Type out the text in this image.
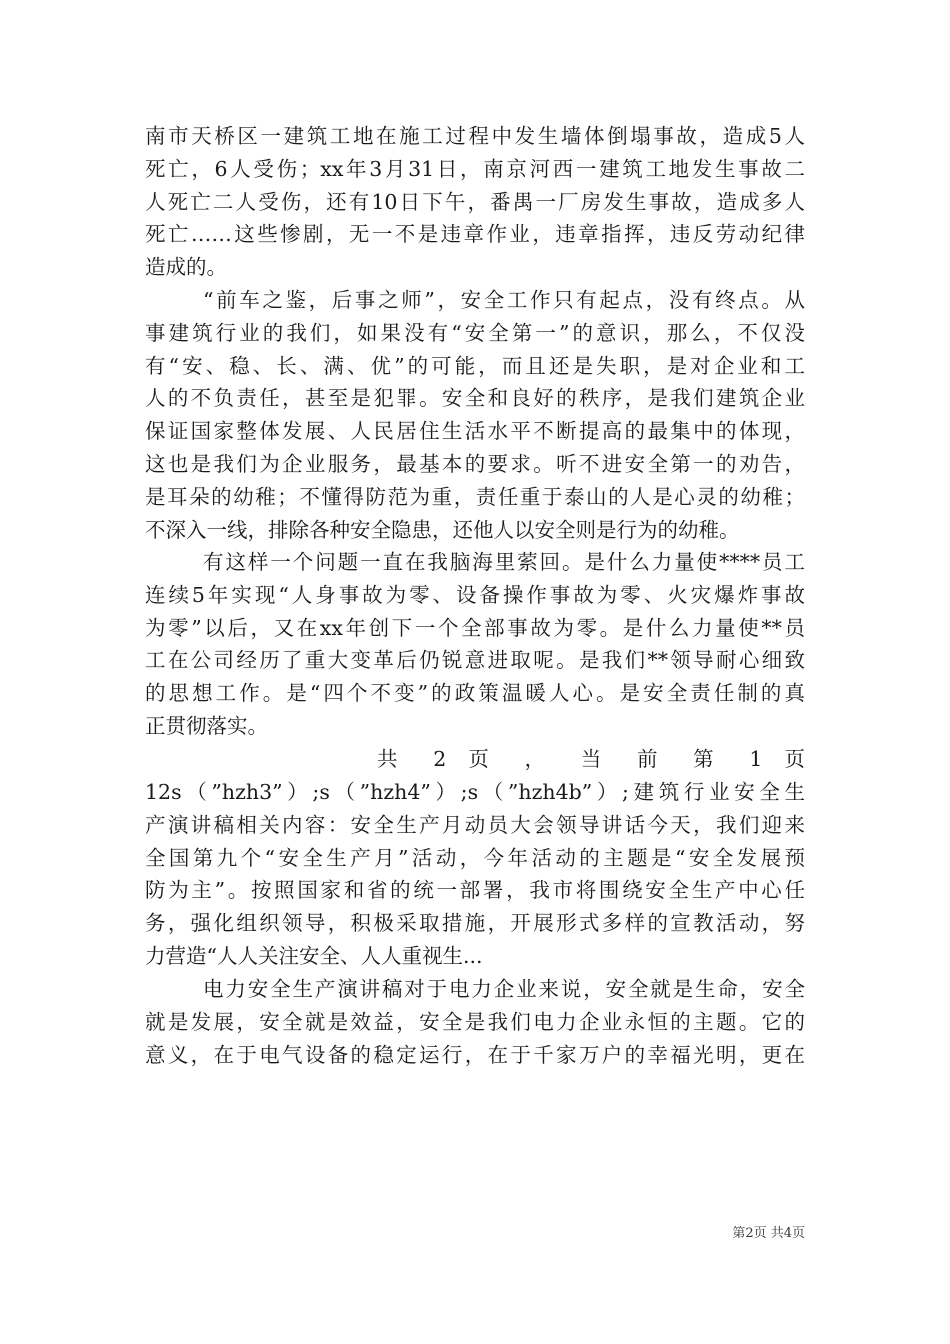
南市天桥区一建筑工地在施工过程中发生墙体倒塌事故，造成5人
死亡，6人受伤；xx年3月31日，南京河西一建筑工地发生事故二
人死亡二人受伤，还有10日下午，番禺一厂房发生事故，造成多人
死亡……这些惨剧，无一不是违章作业，违章指挥，违反劳动纪律
造成的。
“前车之鉴，后事之师”，安全工作只有起点，没有终点。从
事建筑行业的我们，如果没有“安全第一”的意识，那么，不仅没
有“安、稳、长、满、优”的可能，而且还是失职，是对企业和工
人的不负责任，甚至是犯罪。安全和良好的秩序，是我们建筑企业
保证国家整体发展、人民居住生活水平不断提高的最集中的体现，
这也是我们为企业服务，最基本的要求。听不进安全第一的劝告，
是耳朵的幼稚；不懂得防范为重，责任重于泰山的人是心灵的幼稚；
不深入一线，排除各种安全隐患，还他人以安全则是行为的幼稚。
有这样一个问题一直在我脑海里萦回。是什么力量使****员工
连续5年实现“人身事故为零、设备操作事故为零、火灾爆炸事故
为零”以后，又在xx年创下一个全部事故为零。是什么力量使**员
工在公司经历了重大变革后仍锐意进取呢。是我们**领导耐心细致
的思想工作。是“四个不变”的政策温暖人心。是安全责任制的真
正贯彻落实。
共 2 页 ， 当 前 第 1 页
12s（”hzh3”）;s（”hzh4”）;s（”hzh4b”）;建筑行业安全生
产演讲稿相关内容：安全生产月动员大会领导讲话今天，我们迎来
全国第九个“安全生产月”活动，今年活动的主题是“安全发展预
防为主”。按照国家和省的统一部署，我市将围绕安全生产中心任
务，强化组织领导，积极采取措施，开展形式多样的宣教活动，努
力营造“人人关注安全、人人重视生...
电力安全生产演讲稿对于电力企业来说，安全就是生命，安全
就是发展，安全就是效益，安全是我们电力企业永恒的主题。它的
意义，在于电气设备的稳定运行，在于千家万户的幸福光明，更在
第2页 共4页
